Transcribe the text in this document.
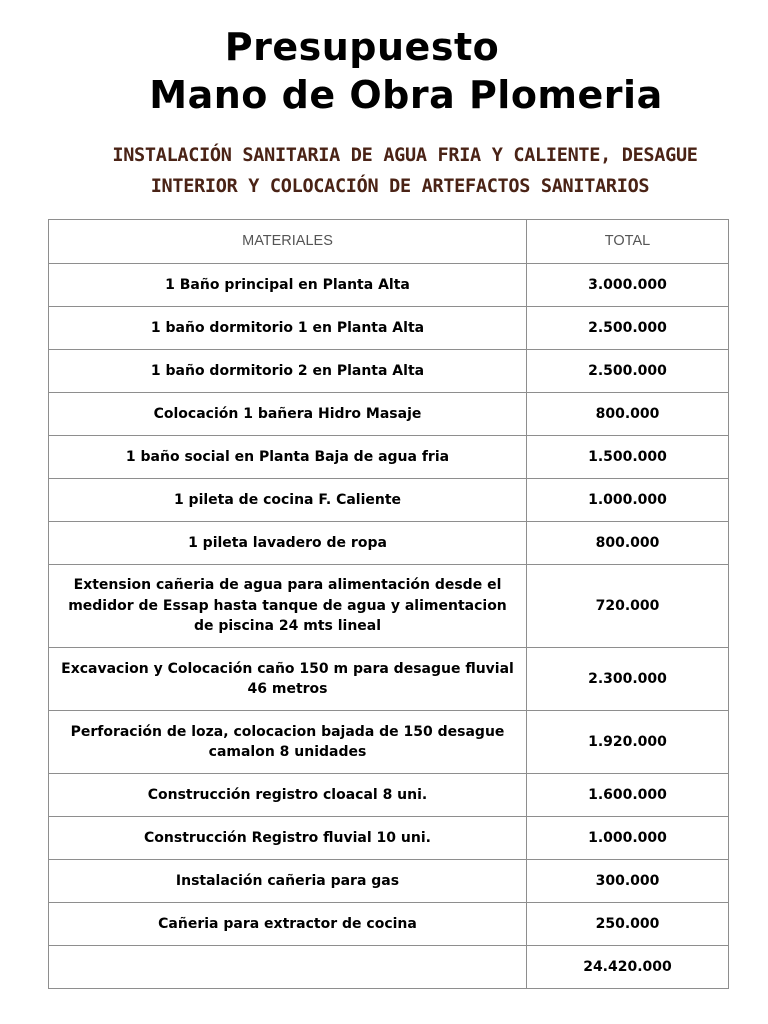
Presupuesto
Mano de Obra Plomeria
INSTALACIÓN SANITARIA DE AGUA FRIA Y CALIENTE, DESAGUE
INTERIOR Y COLOCACIÓN DE ARTEFACTOS SANITARIOS
MATERIALES	TOTAL
1 Baño principal en Planta Alta	3.000.000
1 baño dormitorio 1 en Planta Alta	2.500.000
1 baño dormitorio 2 en Planta Alta	2.500.000
Colocación 1 bañera Hidro Masaje	800.000
1 baño social en Planta Baja de agua fria	1.500.000
1 pileta de cocina F. Caliente	1.000.000
1 pileta lavadero de ropa	800.000
Extension cañeria de agua para alimentación desde el medidor de Essap hasta tanque de agua y alimentacion de piscina 24 mts lineal	720.000
Excavacion y Colocación caño 150 m para desague fluvial 46 metros	2.300.000
Perforación de loza, colocacion bajada de 150 desague camalon 8 unidades	1.920.000
Construcción registro cloacal 8 uni.	1.600.000
Construcción Registro fluvial 10 uni.	1.000.000
Instalación cañeria para gas	300.000
Cañeria para extractor de cocina	250.000
	24.420.000
